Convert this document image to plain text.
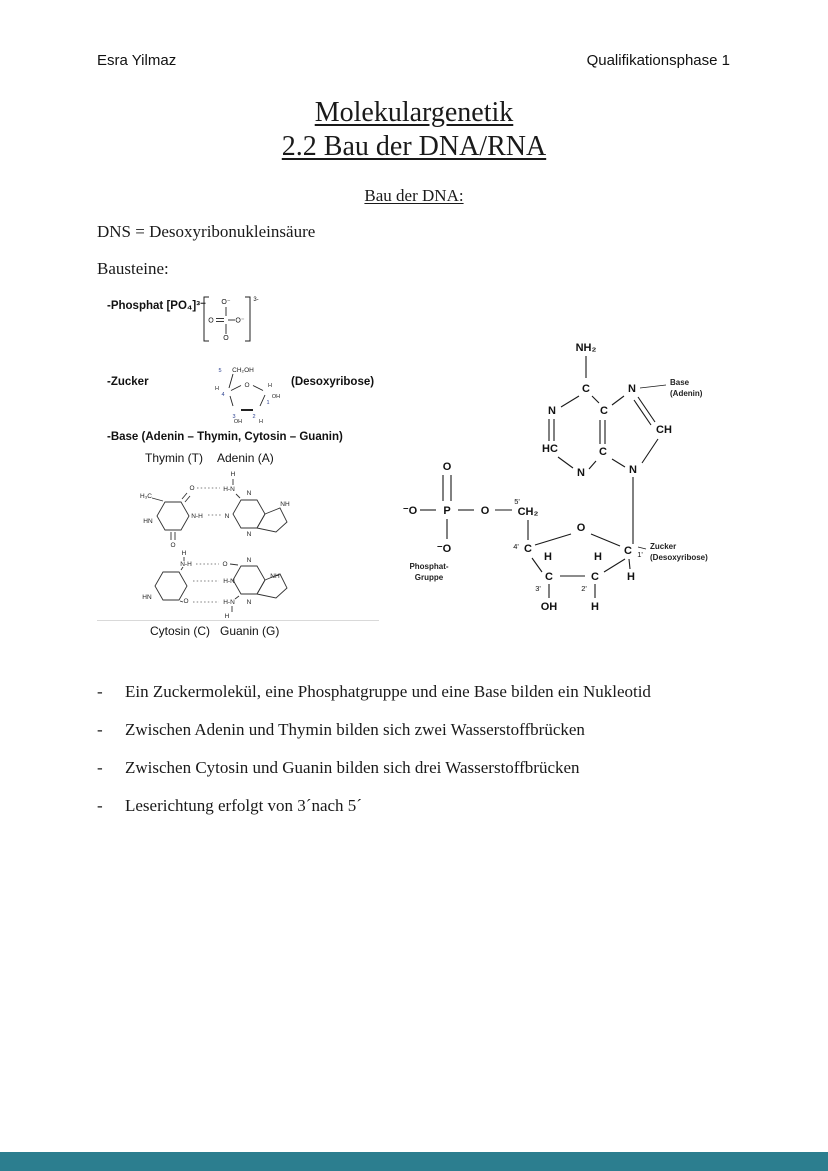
Esra Yilmaz	Qualifikationsphase 1
Molekulargenetik
2.2 Bau der DNA/RNA
Bau der DNA:

DNS = Desoxyribonukleinsäure

Bausteine:

-Phosphat [PO₄]³⁻ O⁻
O	O⁻
O
3-
-Zucker
CH₂OH
O
H	H
OH
OH	H
5
4
3	2
1
(Desoxyribose)
-Base (Adenin – Thymin, Cytosin – Guanin)
Thymin (T) Adenin (A)
H₃C
O
H
H-N
N-H	N
HN
O
N
NH
N
H
N-H	O
H-N
HN
O	H-N
H
N
NH
N
Cytosin (C) Guanin (G)
NH₂
C
N	C
N
HC
N
C
CH
N
O
⁻O P	O	CH₂
⁻O	C
O
C
H	H
C	C	H
OH	H
5'
4'
1'
3'	2'
Base
(Adenin)
Zucker
(Desoxyribose)
Phosphat-
Gruppe
-	Ein Zuckermolekül, eine Phosphatgruppe und eine Base bilden ein Nukleotid
-	Zwischen Adenin und Thymin bilden sich zwei Wasserstoffbrücken
-	Zwischen Cytosin und Guanin bilden sich drei Wasserstoffbrücken
-	Leserichtung erfolgt von 3´nach 5´
